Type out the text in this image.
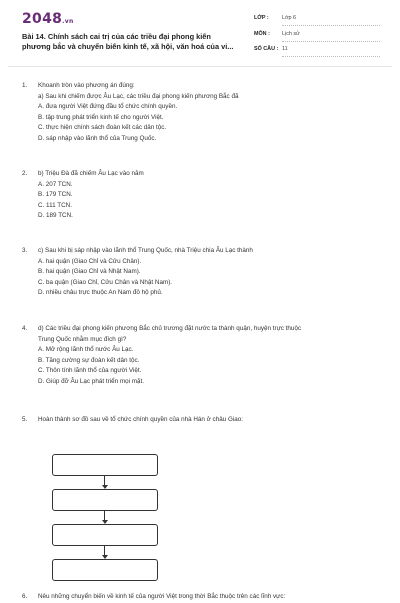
2048.vn
Bài 14. Chính sách cai trị của các triều đại phong kiến phương bắc và chuyển biến kinh tế, xã hội, văn hoá của vi...
LỚP : Lớp 6
MÔN : Lịch sử
SỐ CÂU : 11
1. Khoanh tròn vào phương án đúng:
a) Sau khi chiếm được Âu Lạc, các triều đại phong kiến phương Bắc đã
A. đưa người Việt đứng đầu tổ chức chính quyền.
B. tập trung phát triển kinh tế cho người Việt.
C. thực hiện chính sách đoàn kết các dân tộc.
D. sáp nhập vào lãnh thổ của Trung Quốc.
2. b) Triệu Đà đã chiếm Âu Lạc vào năm
A. 207 TCN.
B. 179 TCN.
C. 111 TCN.
D. 189 TCN.
3. c) Sau khi bị sáp nhập vào lãnh thổ Trung Quốc, nhà Triệu chia Âu Lạc thành
A. hai quận (Giao Chỉ và Cửu Chân).
B. hai quận (Giao Chỉ và Nhật Nam).
C. ba quận (Giao Chỉ, Cửu Chân và Nhật Nam).
D. nhiều châu trực thuộc An Nam đô hộ phủ.
4. d) Các triều đại phong kiến phương Bắc chủ trương đặt nước ta thành quận, huyện trực thuộc
Trung Quốc nhằm mục đích gì?
A. Mở rộng lãnh thổ nước Âu Lạc.
B. Tăng cường sự đoàn kết dân tộc.
C. Thôn tính lãnh thổ của người Việt.
D. Giúp đỡ Âu Lạc phát triển mọi mặt.
5. Hoàn thành sơ đồ sau về tổ chức chính quyền của nhà Hán ở châu Giao:
6. Nêu những chuyển biến về kinh tế của người Việt trong thời Bắc thuộc trên các lĩnh vực:
